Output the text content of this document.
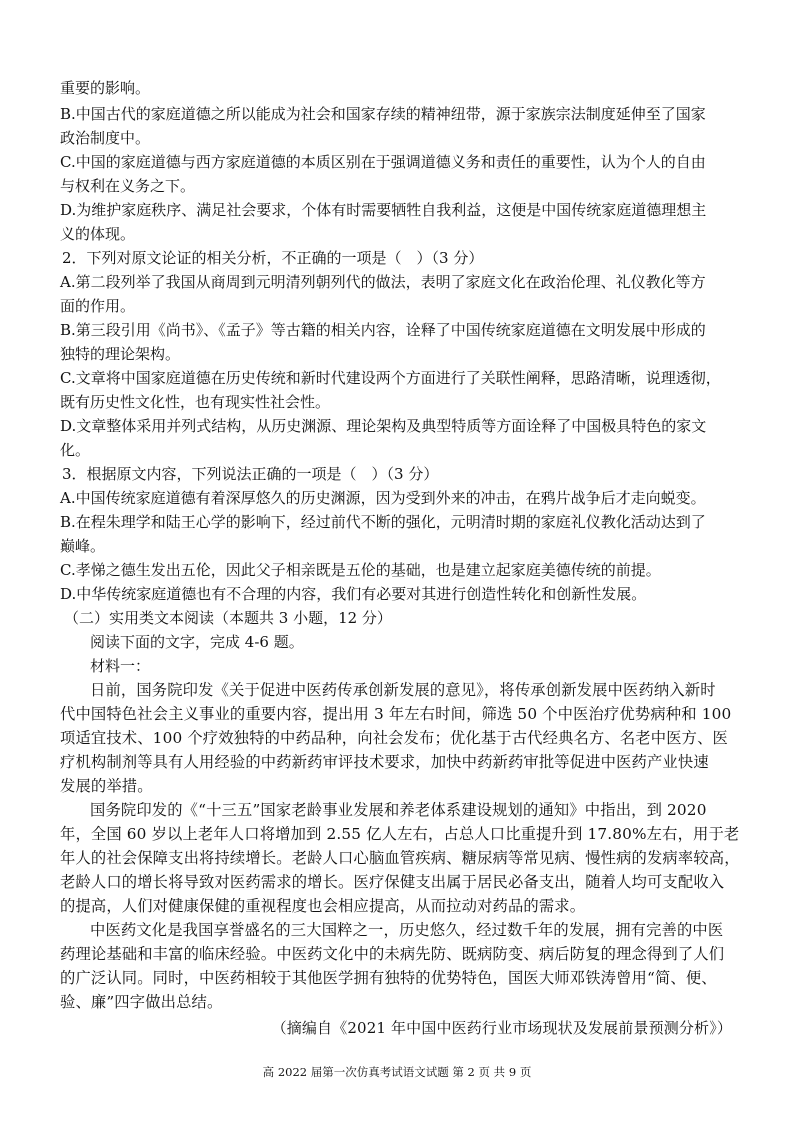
重要的影响。
B.中国古代的家庭道德之所以能成为社会和国家存续的精神纽带，源于家族宗法制度延伸至了国家
政治制度中。
C.中国的家庭道德与西方家庭道德的本质区别在于强调道德义务和责任的重要性，认为个人的自由
与权利在义务之下。
D.为维护家庭秩序、满足社会要求，个体有时需要牺牲自我利益，这便是中国传统家庭道德理想主
义的体现。
2．下列对原文论证的相关分析，不正确的一项是（　）（3 分）
A.第二段列举了我国从商周到元明清列朝列代的做法，表明了家庭文化在政治伦理、礼仪教化等方
面的作用。
B.第三段引用《尚书》、《孟子》等古籍的相关内容，诠释了中国传统家庭道德在文明发展中形成的
独特的理论架构。
C.文章将中国家庭道德在历史传统和新时代建设两个方面进行了关联性阐释，思路清晰，说理透彻，
既有历史性文化性，也有现实性社会性。
D.文章整体采用并列式结构，从历史渊源、理论架构及典型特质等方面诠释了中国极具特色的家文
化。
3．根据原文内容，下列说法正确的一项是（　）（3 分）
A.中国传统家庭道德有着深厚悠久的历史渊源，因为受到外来的冲击，在鸦片战争后才走向蜕变。
B.在程朱理学和陆王心学的影响下，经过前代不断的强化，元明清时期的家庭礼仪教化活动达到了
巅峰。
C.孝悌之德生发出五伦，因此父子相亲既是五伦的基础，也是建立起家庭美德传统的前提。
D.中华传统家庭道德也有不合理的内容，我们有必要对其进行创造性转化和创新性发展。
（二）实用类文本阅读（本题共 3 小题，12 分）
阅读下面的文字，完成 4-6 题。
材料一：
日前，国务院印发《关于促进中医药传承创新发展的意见》，将传承创新发展中医药纳入新时
代中国特色社会主义事业的重要内容，提出用 3 年左右时间，筛选 50 个中医治疗优势病种和 100
项适宜技术、100 个疗效独特的中药品种，向社会发布；优化基于古代经典名方、名老中医方、医
疗机构制剂等具有人用经验的中药新药审评技术要求，加快中药新药审批等促进中医药产业快速
发展的举措。
国务院印发的《“十三五”国家老龄事业发展和养老体系建设规划的通知》中指出，到 2020
年，全国 60 岁以上老年人口将增加到 2.55 亿人左右，占总人口比重提升到 17.80%左右，用于老
年人的社会保障支出将持续增长。老龄人口心脑血管疾病、糖尿病等常见病、慢性病的发病率较高，
老龄人口的增长将导致对医药需求的增长。医疗保健支出属于居民必备支出，随着人均可支配收入
的提高，人们对健康保健的重视程度也会相应提高，从而拉动对药品的需求。
中医药文化是我国享誉盛名的三大国粹之一，历史悠久，经过数千年的发展，拥有完善的中医
药理论基础和丰富的临床经验。中医药文化中的未病先防、既病防变、病后防复的理念得到了人们
的广泛认同。同时，中医药相较于其他医学拥有独特的优势特色，国医大师邓铁涛曾用“简、便、
验、廉”四字做出总结。
（摘编自《2021 年中国中医药行业市场现状及发展前景预测分析》）
高 2022 届第一次仿真考试语文试题 第 2 页 共 9 页
